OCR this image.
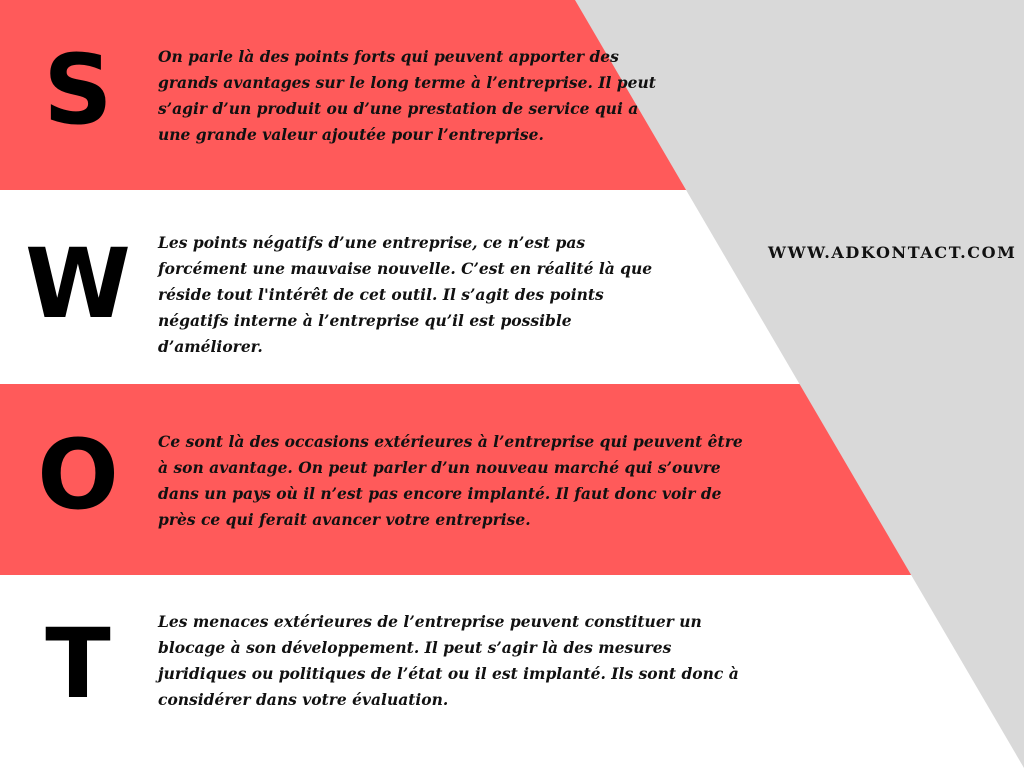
WWW.ADKONTACT.COM
S	On parle là des points forts qui peuvent apporter des
grands avantages sur le long terme à l’entreprise. Il peut
s’agir d’un produit ou d’une prestation de service qui a
une grande valeur ajoutée pour l’entreprise.
W	Les points négatifs d’une entreprise, ce n’est pas
forcément une mauvaise nouvelle. C’est en réalité là que
réside tout l'intérêt de cet outil. Il s’agit des points
négatifs interne à l’entreprise qu’il est possible
d’améliorer.
O	Ce sont là des occasions extérieures à l’entreprise qui peuvent être
à son avantage. On peut parler d’un nouveau marché qui s’ouvre
dans un pays où il n’est pas encore implanté. Il faut donc voir de
près ce qui ferait avancer votre entreprise.
T	Les menaces extérieures de l’entreprise peuvent constituer un
blocage à son développement. Il peut s’agir là des mesures
juridiques ou politiques de l’état ou il est implanté. Ils sont donc à
considérer dans votre évaluation.
